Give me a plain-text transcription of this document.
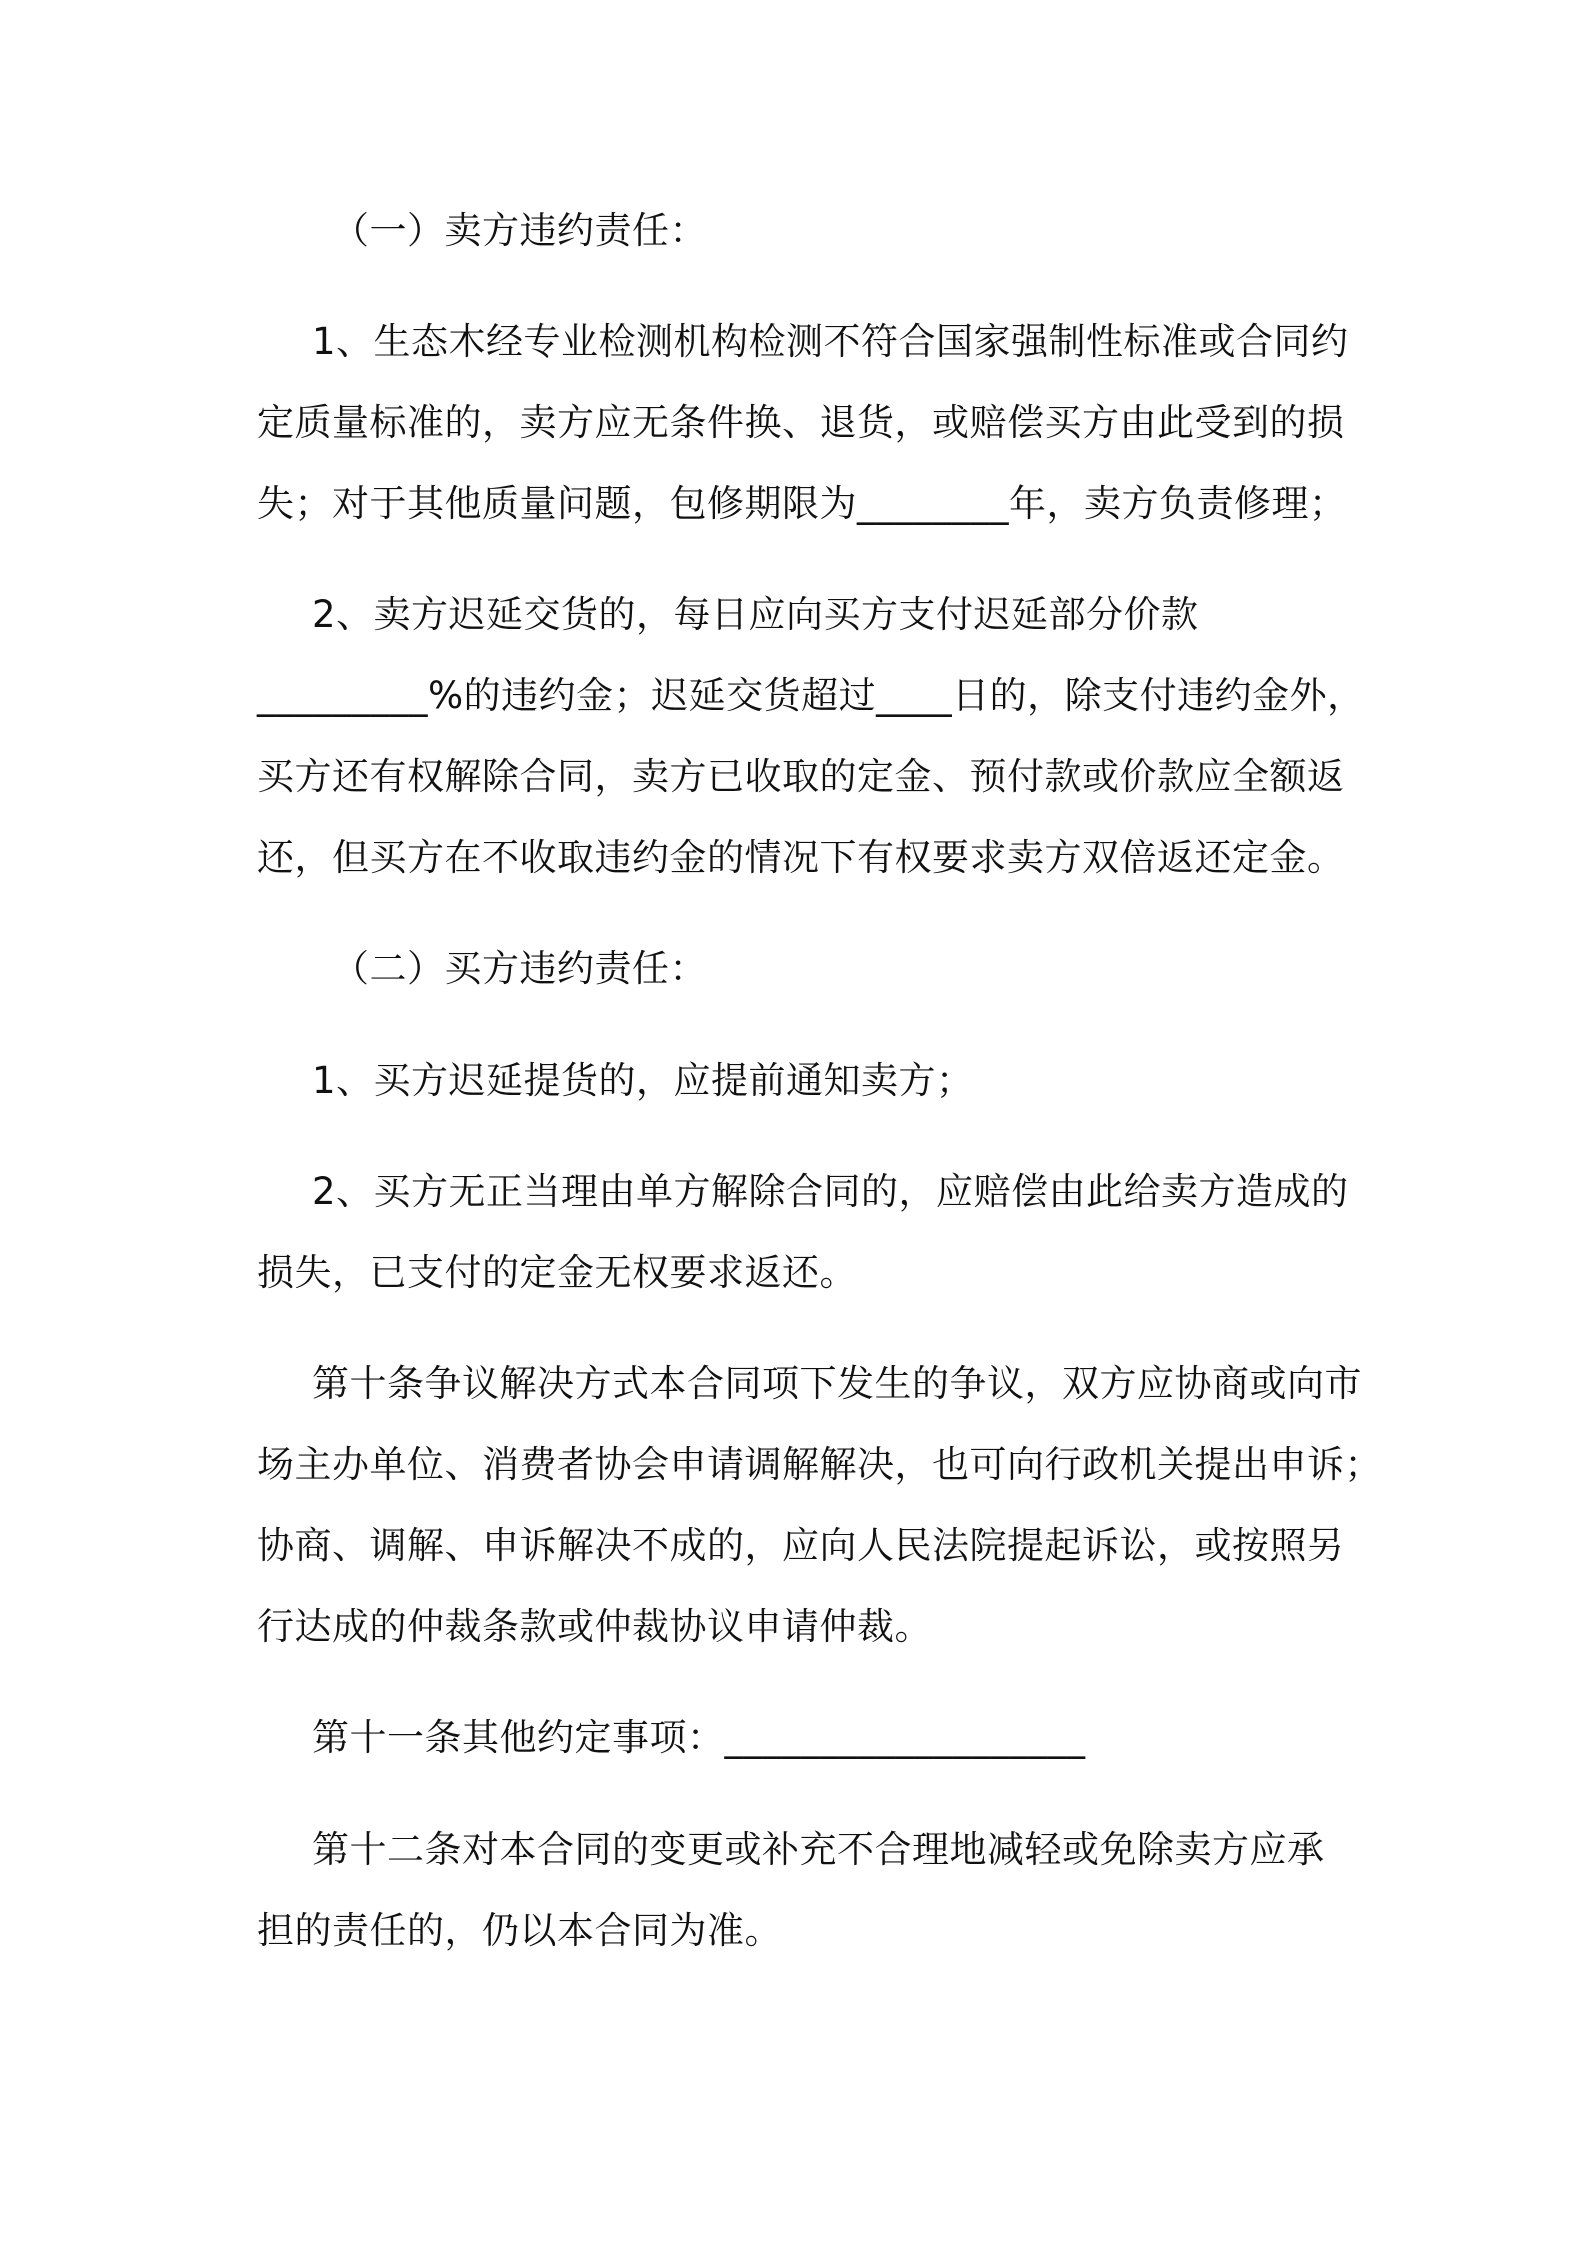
（一）卖方违约责任：
1、生态木经专业检测机构检测不符合国家强制性标准或合同约
定质量标准的，卖方应无条件换、退货，或赔偿买方由此受到的损
失；对于其他质量问题，包修期限为________年，卖方负责修理；
2、卖方迟延交货的，每日应向买方支付迟延部分价款
_________%的违约金；迟延交货超过____日的，除支付违约金外，
买方还有权解除合同，卖方已收取的定金、预付款或价款应全额返
还，但买方在不收取违约金的情况下有权要求卖方双倍返还定金。
（二）买方违约责任：
1、买方迟延提货的，应提前通知卖方；
2、买方无正当理由单方解除合同的，应赔偿由此给卖方造成的
损失，已支付的定金无权要求返还。
第十条争议解决方式本合同项下发生的争议，双方应协商或向市
场主办单位、消费者协会申请调解解决，也可向行政机关提出申诉；
协商、调解、申诉解决不成的，应向人民法院提起诉讼，或按照另
行达成的仲裁条款或仲裁协议申请仲裁。
第十一条其他约定事项：___________________
第十二条对本合同的变更或补充不合理地减轻或免除卖方应承
担的责任的，仍以本合同为准。
